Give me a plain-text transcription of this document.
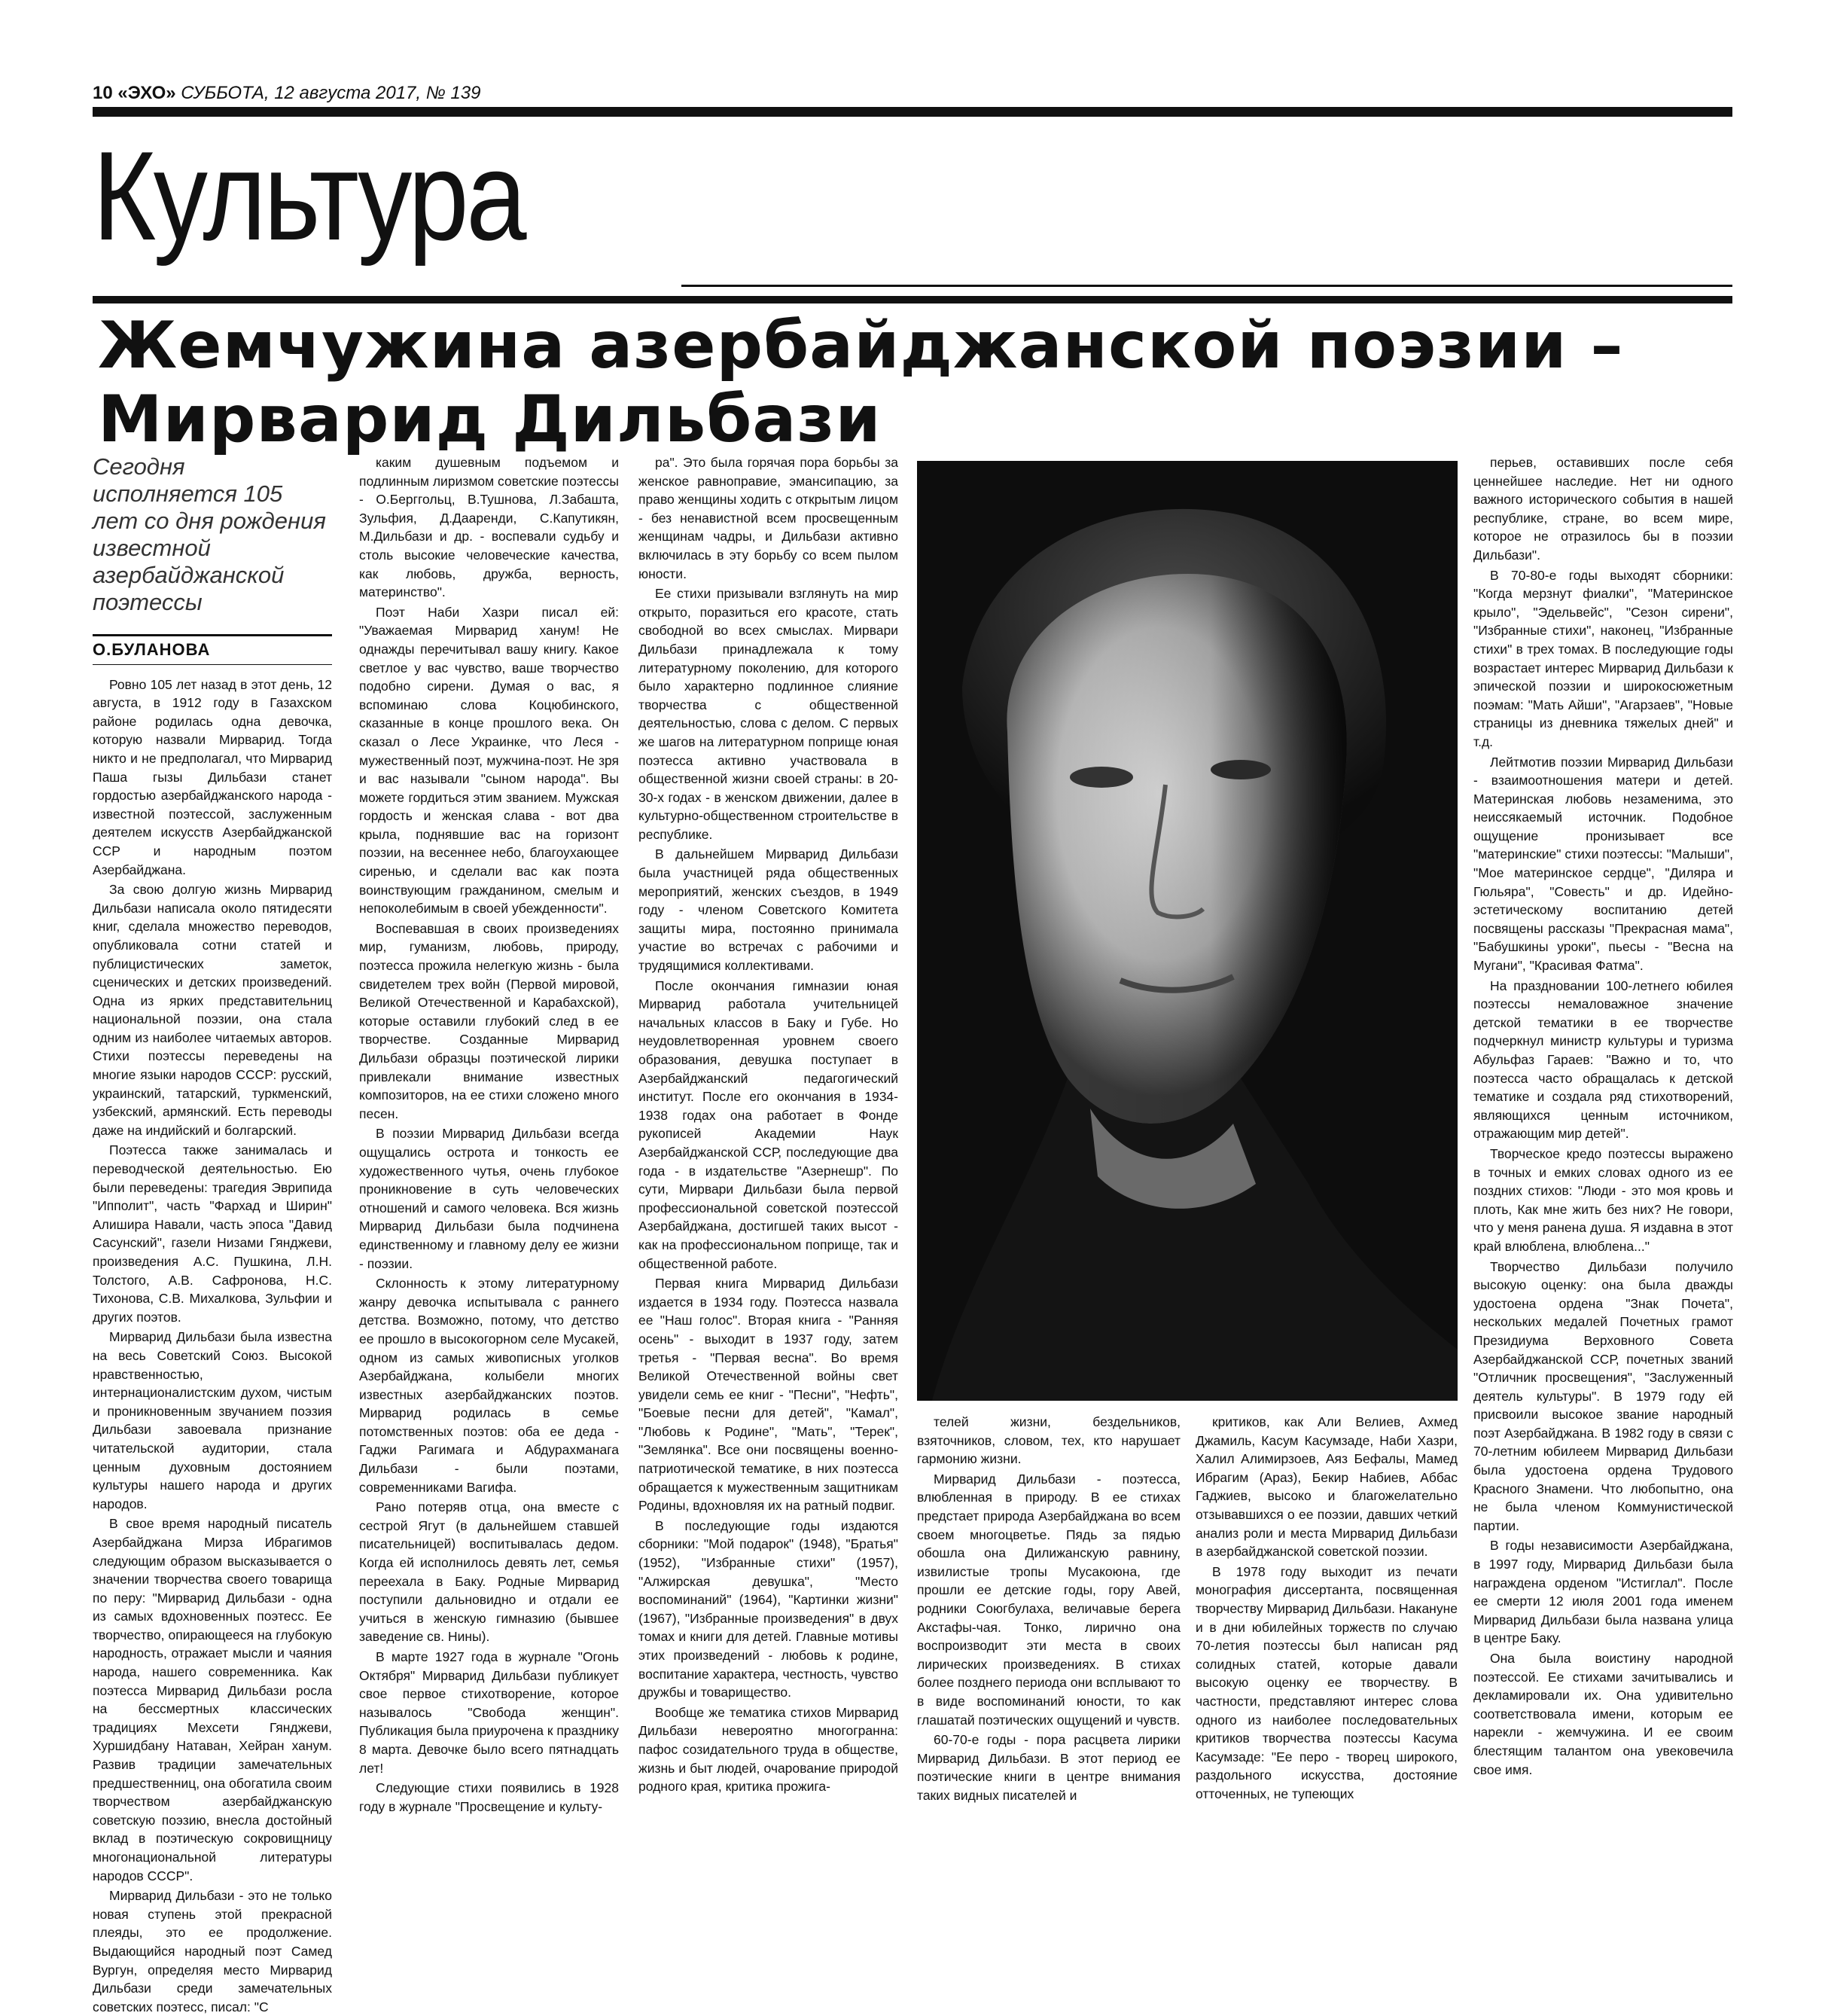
10 «ЭХО» СУББОТА, 12 августа 2017, № 139
Культура
Жемчужина азербайджанской поэзии –
Мирварид Дильбази
Сегодня исполняется 105 лет со дня рождения известной азербайджанской поэтессы
О.БУЛАНОВА

Ровно 105 лет назад в этот день, 12 августа, в 1912 году в Газахском районе родилась одна девочка, которую назвали Мирварид. Тогда никто и не предполагал, что Мирварид Паша гызы Дильбази станет гордостью азербайджанского народа - известной поэтессой, заслуженным деятелем искусств Азербайджанской ССР и народным поэтом Азербайджана.

За свою долгую жизнь Мирварид Дильбази написала около пятидесяти книг, сделала множество переводов, опубликовала сотни статей и публицистических заметок, сценических и детских произведений. Одна из ярких представительниц национальной поэзии, она стала одним из наиболее читаемых авторов. Стихи поэтессы переведены на многие языки народов СССР: русский, украинский, татарский, туркменский, узбекский, армянский. Есть переводы даже на индийский и болгарский.

Поэтесса также занималась и переводческой деятельностью. Ею были переведены: трагедия Эврипида "Ипполит", часть "Фархад и Ширин" Алишира Навали, часть эпоса "Давид Сасунский", газели Низами Гянджеви, произведения А.С. Пушкина, Л.Н. Толстого, А.В. Сафронова, Н.С. Тихонова, С.В. Михалкова, Зульфии и других поэтов.

Мирварид Дильбази была известна на весь Советский Союз. Высокой нравственностью, интернационалистским духом, чистым и проникновенным звучанием поэзия Дильбази завоевала признание читательской аудитории, стала ценным духовным достоянием культуры нашего народа и других народов.

В свое время народный писатель Азербайджана Мирза Ибрагимов следующим образом высказывается о значении творчества своего товарища по перу: "Мирварид Дильбази - одна из самых вдохновенных поэтесс. Ее творчество, опирающееся на глубокую народность, отражает мысли и чаяния народа, нашего современника. Как поэтесса Мирварид Дильбази росла на бессмертных классических традициях Мехсети Гянджеви, Хуршидбану Натаван, Хейран ханум. Развив традиции замечательных предшественниц, она обогатила своим творчеством азербайджанскую советскую поэзию, внесла достойный вклад в поэтическую сокровищницу многонациональной литературы народов СССР".

Мирварид Дильбази - это не только новая ступень этой прекрасной плеяды, это ее продолжение. Выдающийся народный поэт Самед Вургун, определяя место Мирварид Дильбази среди замечательных советских поэтесс, писал: "С

каким душевным подъемом и подлинным лиризмом советские поэтессы - О.Берггольц, В.Тушнова, Л.Забашта, Зульфия, Д.Дааренди, С.Капутикян, М.Дильбази и др. - воспевали судьбу и столь высокие человеческие качества, как любовь, дружба, верность, материнство".

Поэт Наби Хазри писал ей: "Уважаемая Мирварид ханум! Не однажды перечитывал вашу книгу. Какое светлое у вас чувство, ваше творчество подобно сирени. Думая о вас, я вспоминаю слова Коцюбинского, сказанные в конце прошлого века. Он сказал о Лесе Украинке, что Леся - мужественный поэт, мужчина-поэт. Не зря и вас называли "сыном народа". Вы можете гордиться этим званием. Мужская гордость и женская слава - вот два крыла, поднявшие вас на горизонт поэзии, на весеннее небо, благоухающее сиренью, и сделали вас как поэта воинствующим гражданином, смелым и непоколебимым в своей убежденности".

Воспевавшая в своих произведениях мир, гуманизм, любовь, природу, поэтесса прожила нелегкую жизнь - была свидетелем трех войн (Первой мировой, Великой Отечественной и Карабахской), которые оставили глубокий след в ее творчестве. Созданные Мирварид Дильбази образцы поэтической лирики привлекали внимание известных композиторов, на ее стихи сложено много песен.

В поэзии Мирварид Дильбази всегда ощущались острота и тонкость ее художественного чутья, очень глубокое проникновение в суть человеческих отношений и самого человека. Вся жизнь Мирварид Дильбази была подчинена единственному и главному делу ее жизни - поэзии.

Склонность к этому литературному жанру девочка испытывала с раннего детства. Возможно, потому, что детство ее прошло в высокогорном селе Мусакей, одном из самых живописных уголков Азербайджана, колыбели многих известных азербайджанских поэтов. Мирварид родилась в семье потомственных поэтов: оба ее деда - Гаджи Рагимага и Абдурахманага Дильбази - были поэтами, современниками Вагифа.

Рано потеряв отца, она вместе с сестрой Ягут (в дальнейшем ставшей писательницей) воспитывалась дедом. Когда ей исполнилось девять лет, семья переехала в Баку. Родные Мирварид поступили дальновидно и отдали ее учиться в женскую гимназию (бывшее заведение св. Нины).

В марте 1927 года в журнале "Огонь Октября" Мирварид Дильбази публикует свое первое стихотворение, которое называлось "Свобода женщин". Публикация была приурочена к празднику 8 марта. Девочке было всего пятнадцать лет!

Следующие стихи появились в 1928 году в журнале "Просвещение и культу-

ра". Это была горячая пора борьбы за женское равноправие, эмансипацию, за право женщины ходить с открытым лицом - без ненавистной всем просвещенным женщинам чадры, и Дильбази активно включилась в эту борьбу со всем пылом юности.

Ее стихи призывали взглянуть на мир открыто, поразиться его красоте, стать свободной во всех смыслах. Мирвари Дильбази принадлежала к тому литературному поколению, для которого было характерно подлинное слияние творчества с общественной деятельностью, слова с делом. С первых же шагов на литературном поприще юная поэтесса активно участвовала в общественной жизни своей страны: в 20-30-х годах - в женском движении, далее в культурно-общественном строительстве в республике.

В дальнейшем Мирварид Дильбази была участницей ряда общественных мероприятий, женских съездов, в 1949 году - членом Советского Комитета защиты мира, постоянно принимала участие во встречах с рабочими и трудящимися коллективами.

После окончания гимназии юная Мирварид работала учительницей начальных классов в Баку и Губе. Но неудовлетворенная уровнем своего образования, девушка поступает в Азербайджанский педагогический институт. После его окончания в 1934-1938 годах она работает в Фонде рукописей Академии Наук Азербайджанской ССР, последующие два года - в издательстве "Азернешр". По сути, Мирвари Дильбази была первой профессиональной советской поэтессой Азербайджана, достигшей таких высот - как на профессиональном поприще, так и общественной работе.

Первая книга Мирварид Дильбази издается в 1934 году. Поэтесса назвала ее "Наш голос". Вторая книга - "Ранняя осень" - выходит в 1937 году, затем третья - "Первая весна". Во время Великой Отечественной войны свет увидели семь ее книг - "Песни", "Нефть", "Боевые песни для детей", "Камал", "Любовь к Родине", "Мать", "Терек", "Землянка". Все они посвящены военно-патриотической тематике, в них поэтесса обращается к мужественным защитникам Родины, вдохновляя их на ратный подвиг.

В последующие годы издаются сборники: "Мой подарок" (1948), "Братья" (1952), "Избранные стихи" (1957), "Алжирская девушка", "Место воспоминаний" (1964), "Картинки жизни" (1967), "Избранные произведения" в двух томах и книги для детей. Главные мотивы этих произведений - любовь к родине, воспитание характера, честность, чувство дружбы и товарищество.

Вообще же тематика стихов Мирварид Дильбази невероятно многогранна: пафос созидательного труда в обществе, жизнь и быт людей, очарование природой родного края, критика прожига-

телей жизни, бездельников, взяточников, словом, тех, кто нарушает гармонию жизни.

Мирварид Дильбази - поэтесса, влюбленная в природу. В ее стихах предстает природа Азербайджана во всем своем многоцветье. Пядь за пядью обошла она Дилижанскую равнину, извилистые тропы Мусакоюна, где прошли ее детские годы, гору Авей, родники Союгбулаха, величавые берега Акстафы-чая. Тонко, лирично она воспроизводит эти места в своих лирических произведениях. В стихах более позднего периода они всплывают то в виде воспоминаний юности, то как глашатай поэтических ощущений и чувств.

60-70-е годы - пора расцвета лирики Мирварид Дильбази. В этот период ее поэтические книги в центре внимания таких видных писателей и

критиков, как Али Велиев, Ахмед Джамиль, Касум Касумзаде, Наби Хазри, Халил Алимирзоев, Аяз Бефалы, Мамед Ибрагим (Араз), Бекир Набиев, Аббас Гаджиев, высоко и благожелательно отзывавшихся о ее поэзии, давших четкий анализ роли и места Мирварид Дильбази в азербайджанской советской поэзии.

В 1978 году выходит из печати монография диссертанта, посвященная творчеству Мирварид Дильбази. Накануне и в дни юбилейных торжеств по случаю 70-летия поэтессы был написан ряд солидных статей, которые давали высокую оценку ее творчеству. В частности, представляют интерес слова одного из наиболее последовательных критиков творчества поэтессы Касума Касумзаде: "Ее перо - творец широкого, раздольного искусства, достояние отточенных, не тупеющих

перьев, оставивших после себя ценнейшее наследие. Нет ни одного важного исторического события в нашей республике, стране, во всем мире, которое не отразилось бы в поэзии Дильбази".

В 70-80-е годы выходят сборники: "Когда мерзнут фиалки", "Материнское крыло", "Эдельвейс", "Сезон сирени", "Избранные стихи", наконец, "Избранные стихи" в трех томах. В последующие годы возрастает интерес Мирварид Дильбази к эпической поэзии и широкосюжетным поэмам: "Мать Айши", "Агарзаев", "Новые страницы из дневника тяжелых дней" и т.д.

Лейтмотив поэзии Мирварид Дильбази - взаимоотношения матери и детей. Материнская любовь незаменима, это неиссякаемый источник. Подобное ощущение пронизывает все "материнские" стихи поэтессы: "Малыши", "Мое материнское сердце", "Диляра и Гюльяра", "Совесть" и др. Идейно-эстетическому воспитанию детей посвящены рассказы "Прекрасная мама", "Бабушкины уроки", пьесы - "Весна на Мугани", "Красивая Фатма".

На праздновании 100-летнего юбилея поэтессы немаловажное значение детской тематики в ее творчестве подчеркнул министр культуры и туризма Абульфаз Гараев: "Важно и то, что поэтесса часто обращалась к детской тематике и создала ряд стихотворений, являющихся ценным источником, отражающим мир детей".

Творческое кредо поэтессы выражено в точных и емких словах одного из ее поздних стихов: "Люди - это моя кровь и плоть, Как мне жить без них? Не говори, что у меня ранена душа. Я издавна в этот край влюблена, влюблена..."

Творчество Дильбази получило высокую оценку: она была дважды удостоена ордена "Знак Почета", нескольких медалей Почетных грамот Президиума Верховного Совета Азербайджанской ССР, почетных званий "Отличник просвещения", "Заслуженный деятель культуры". В 1979 году ей присвоили высокое звание народный поэт Азербайджана. В 1982 году в связи с 70-летним юбилеем Мирварид Дильбази была удостоена ордена Трудового Красного Знамени. Что любопытно, она не была членом Коммунистической партии.

В годы независимости Азербайджана, в 1997 году, Мирварид Дильбази была награждена орденом "Истиглал". После ее смерти 12 июля 2001 года именем Мирварид Дильбази была названа улица в центре Баку.

Она была воистину народной поэтессой. Ее стихами зачитывались и декламировали их. Она удивительно соответствовала имени, которым ее нарекли - жемчужина. И ее своим блестящим талантом она увековечила свое имя.
